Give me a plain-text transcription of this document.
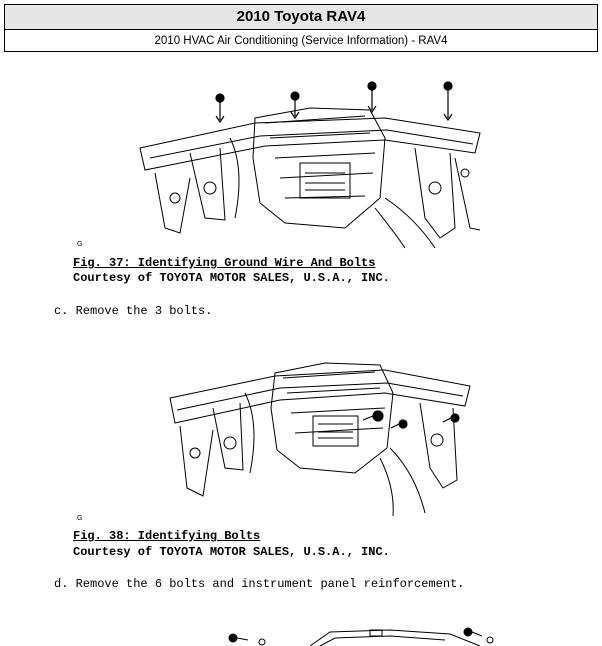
2010 Toyota RAV4
2010 HVAC Air Conditioning (Service Information) - RAV4
G
Fig. 37: Identifying Ground Wire And Bolts
Courtesy of TOYOTA MOTOR SALES, U.S.A., INC.
c. Remove the 3 bolts.
G
Fig. 38: Identifying Bolts
Courtesy of TOYOTA MOTOR SALES, U.S.A., INC.
d. Remove the 6 bolts and instrument panel reinforcement.
